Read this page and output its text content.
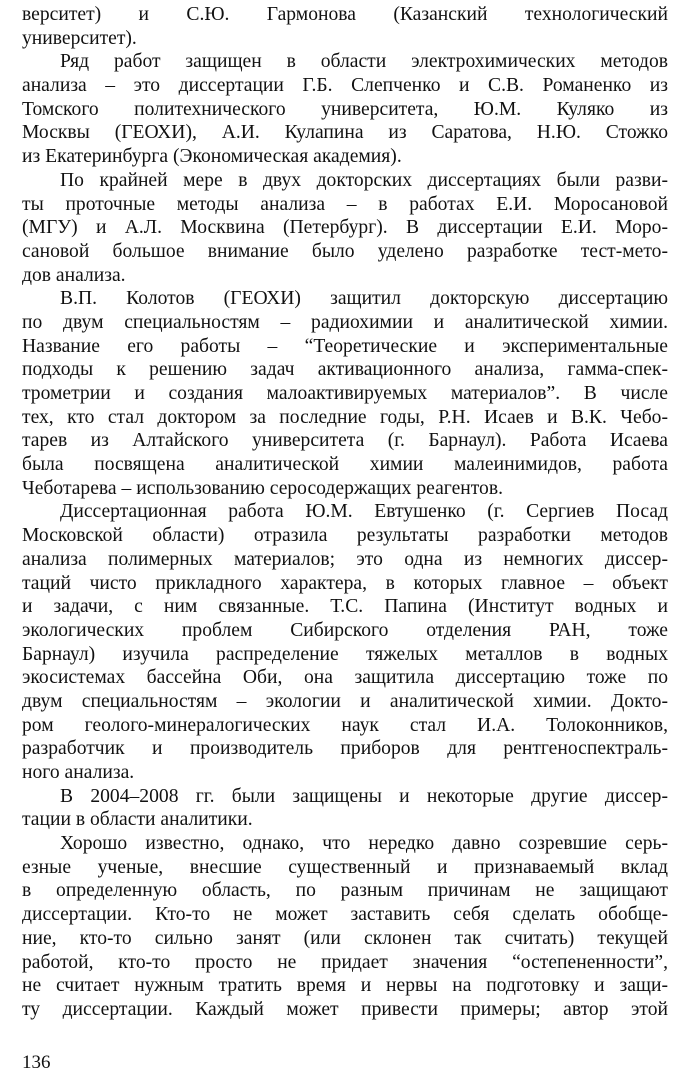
верситет) и С.Ю. Гармонова (Казанский технологический
университет).
Ряд работ защищен в области электрохимических методов
анализа – это диссертации Г.Б. Слепченко и С.В. Романенко из
Томского политехнического университета, Ю.М. Куляко из
Москвы (ГЕОХИ), А.И. Кулапина из Саратова, Н.Ю. Стожко
из Екатеринбурга (Экономическая академия).
По крайней мере в двух докторских диссертациях были разви-
ты проточные методы анализа – в работах Е.И. Моросановой
(МГУ) и А.Л. Москвина (Петербург). В диссертации Е.И. Моро-
сановой большое внимание было уделено разработке тест-мето-
дов анализа.
В.П. Колотов (ГЕОХИ) защитил докторскую диссертацию
по двум специальностям – радиохимии и аналитической химии.
Название его работы – “Теоретические и экспериментальные
подходы к решению задач активационного анализа, гамма-спек-
трометрии и создания малоактивируемых материалов”. В числе
тех, кто стал доктором за последние годы, Р.Н. Исаев и В.К. Чебо-
тарев из Алтайского университета (г. Барнаул). Работа Исаева
была посвящена аналитической химии малеинимидов, работа
Чеботарева – использованию серосодержащих реагентов.
Диссертационная работа Ю.М. Евтушенко (г. Сергиев Посад
Московской области) отразила результаты разработки методов
анализа полимерных материалов; это одна из немногих диссер-
таций чисто прикладного характера, в которых главное – объект
и задачи, с ним связанные. Т.С. Папина (Институт водных и
экологических проблем Сибирского отделения РАН, тоже
Барнаул) изучила распределение тяжелых металлов в водных
экосистемах бассейна Оби, она защитила диссертацию тоже по
двум специальностям – экологии и аналитической химии. Докто-
ром геолого-минералогических наук стал И.А. Толоконников,
разработчик и производитель приборов для рентгеноспектраль-
ного анализа.
В 2004–2008 гг. были защищены и некоторые другие диссер-
тации в области аналитики.
Хорошо известно, однако, что нередко давно созревшие серь-
езные ученые, внесшие существенный и признаваемый вклад
в определенную область, по разным причинам не защищают
диссертации. Кто-то не может заставить себя сделать обобще-
ние, кто-то сильно занят (или склонен так считать) текущей
работой, кто-то просто не придает значения “остепененности”,
не считает нужным тратить время и нервы на подготовку и защи-
ту диссертации. Каждый может привести примеры; автор этой
136
